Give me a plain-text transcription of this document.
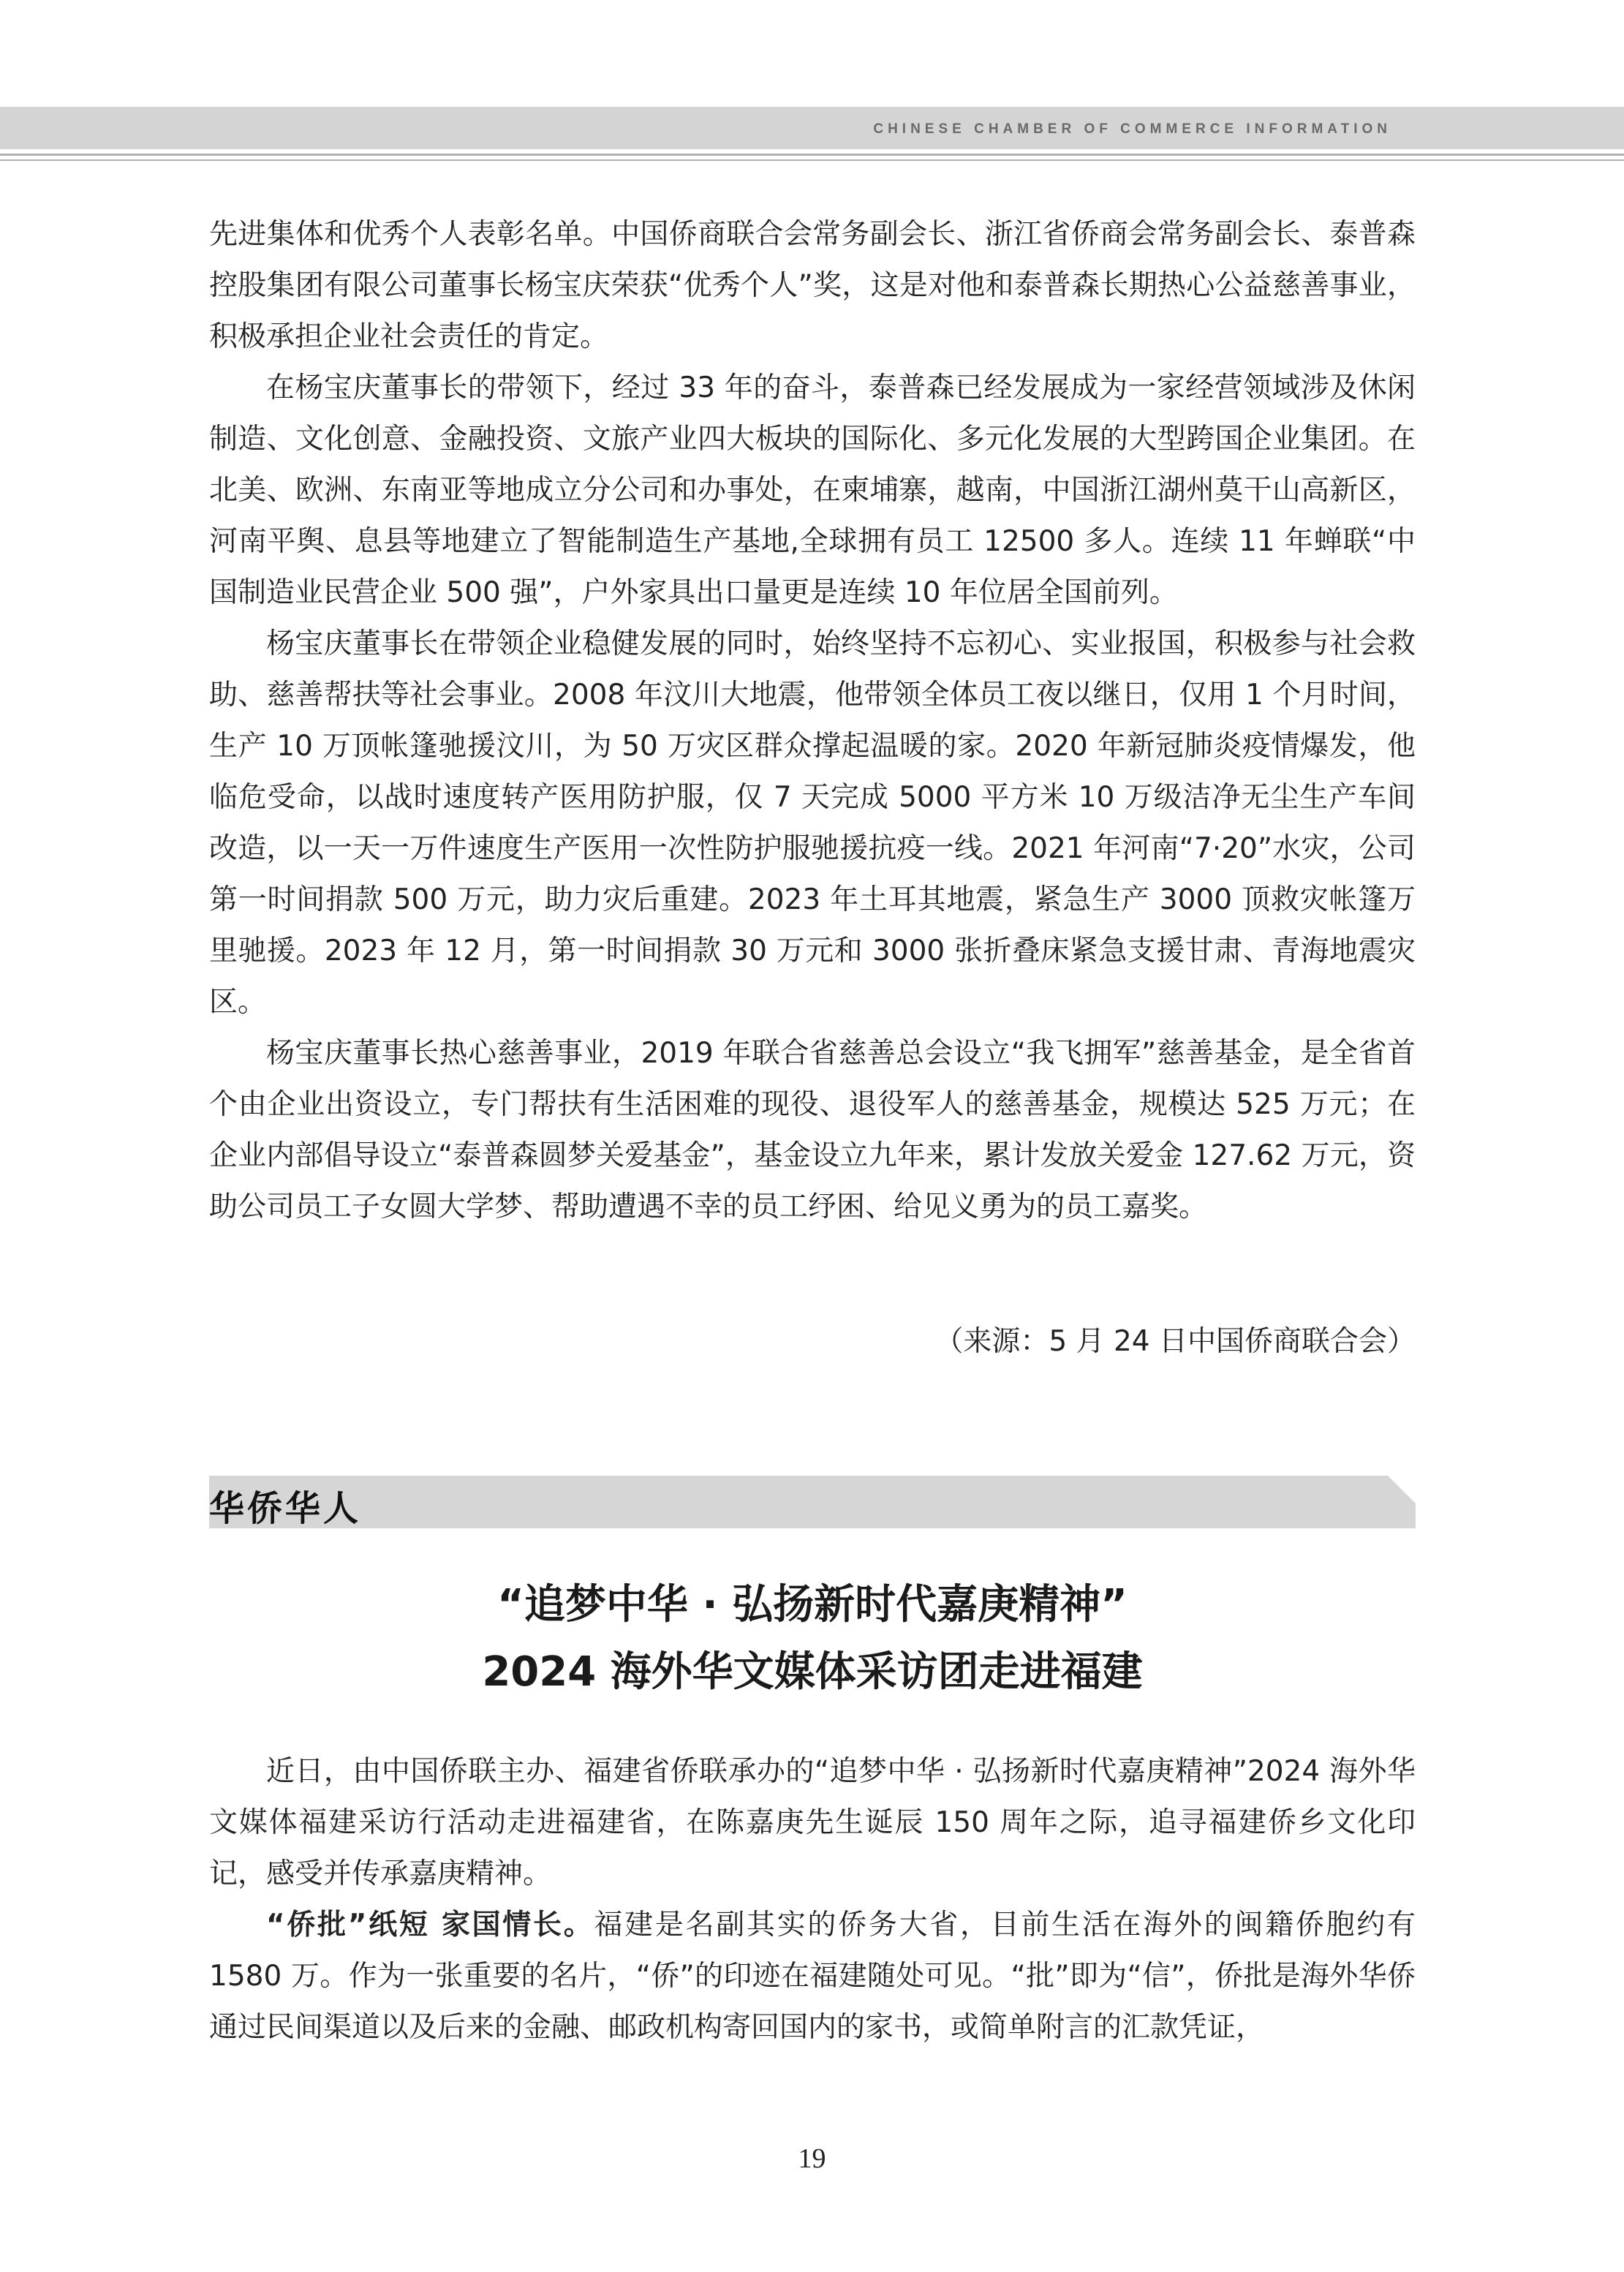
CHINESE CHAMBER OF COMMERCE INFORMATION

先进集体和优秀个人表彰名单。中国侨商联合会常务副会长、浙江省侨商会常务副会长、泰普森控股集团有限公司董事长杨宝庆荣获“优秀个人”奖，这是对他和泰普森长期热心公益慈善事业，积极承担企业社会责任的肯定。

在杨宝庆董事长的带领下，经过 33 年的奋斗，泰普森已经发展成为一家经营领域涉及休闲制造、文化创意、金融投资、文旅产业四大板块的国际化、多元化发展的大型跨国企业集团。在北美、欧洲、东南亚等地成立分公司和办事处，在柬埔寨，越南，中国浙江湖州莫干山高新区，河南平舆、息县等地建立了智能制造生产基地,全球拥有员工 12500 多人。连续 11 年蝉联“中国制造业民营企业 500 强”，户外家具出口量更是连续 10 年位居全国前列。

杨宝庆董事长在带领企业稳健发展的同时，始终坚持不忘初心、实业报国，积极参与社会救助、慈善帮扶等社会事业。2008 年汶川大地震，他带领全体员工夜以继日，仅用 1 个月时间，生产 10 万顶帐篷驰援汶川，为 50 万灾区群众撑起温暖的家。2020 年新冠肺炎疫情爆发，他临危受命，以战时速度转产医用防护服，仅 7 天完成 5000 平方米 10 万级洁净无尘生产车间改造，以一天一万件速度生产医用一次性防护服驰援抗疫一线。2021 年河南“7·20”水灾，公司第一时间捐款 500 万元，助力灾后重建。2023 年土耳其地震，紧急生产 3000 顶救灾帐篷万里驰援。2023 年 12 月，第一时间捐款 30 万元和 3000 张折叠床紧急支援甘肃、青海地震灾区。

杨宝庆董事长热心慈善事业，2019 年联合省慈善总会设立“我飞拥军”慈善基金，是全省首个由企业出资设立，专门帮扶有生活困难的现役、退役军人的慈善基金，规模达 525 万元；在企业内部倡导设立“泰普森圆梦关爱基金”，基金设立九年来，累计发放关爱金 127.62 万元，资助公司员工子女圆大学梦、帮助遭遇不幸的员工纾困、给见义勇为的员工嘉奖。

（来源：5 月 24 日中国侨商联合会）
华侨华人
“追梦中华 · 弘扬新时代嘉庚精神”
2024 海外华文媒体采访团走进福建

近日，由中国侨联主办、福建省侨联承办的“追梦中华 · 弘扬新时代嘉庚精神”2024 海外华文媒体福建采访行活动走进福建省，在陈嘉庚先生诞辰 150 周年之际，追寻福建侨乡文化印记，感受并传承嘉庚精神。

“侨批”纸短 家国情长。福建是名副其实的侨务大省，目前生活在海外的闽籍侨胞约有 1580 万。作为一张重要的名片，“侨”的印迹在福建随处可见。“批”即为“信”，侨批是海外华侨通过民间渠道以及后来的金融、邮政机构寄回国内的家书，或简单附言的汇款凭证，

19
